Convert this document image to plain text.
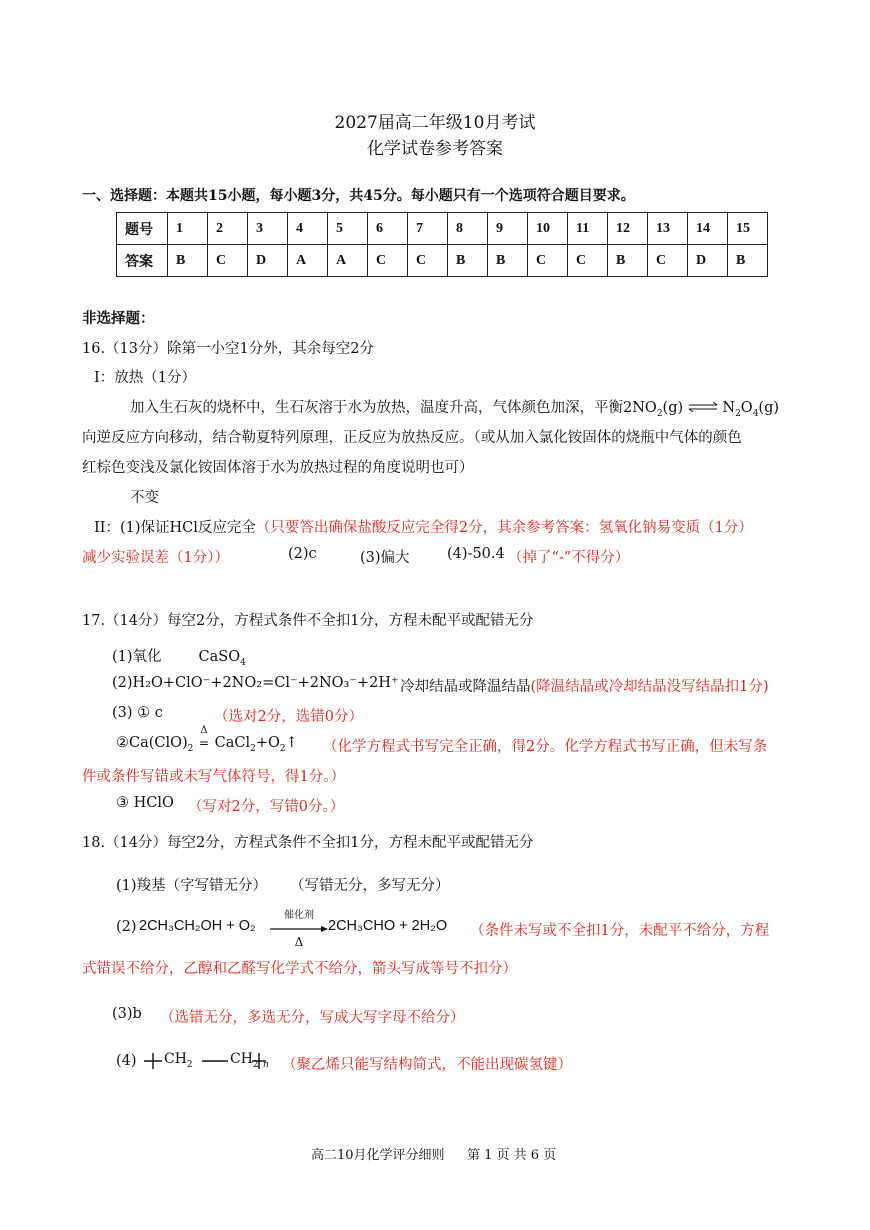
2027届高二年级10月考试
化学试卷参考答案
一、选择题：本题共15小题，每小题3分，共45分。每小题只有一个选项符合题目要求。
题号	1	2	3	4	5	6	7	8	9	10	11	12	13	14	15
答案	B	C	D	A	A	C	C	B	B	C	C	B	C	D	B
非选择题：
16.（13分）除第一小空1分外，其余每空2分
I：放热（1分）
加入生石灰的烧杯中，生石灰溶于水为放热，温度升高，气体颜色加深，平衡$2NO_2(g)$ ⇌ $N_2O_4(g)$
向逆反应方向移动，结合勒夏特列原理，正反应为放热反应。（或从加入氯化铵固体的烧瓶中气体的颜色
红棕色变浅及氯化铵固体溶于水为放热过程的角度说明也可）
不变
II：(1)保证HCl反应完全（只要答出确保盐酸反应完全得2分，其余参考答案：氢氧化钠易变质（1分）
减少实验误差（1分））	(2)c	(3)偏大	(4)-50.4 （掉了“-”不得分）
17.（14分）每空2分，方程式条件不全扣1分，方程未配平或配错无分
(1)氧化	CaSO$_4$
(2)H₂O+ClO⁻+2NO₂=Cl⁻+2NO₃⁻+2H⁺ 冷却结晶或降温结晶(降温结晶或冷却结晶没写结晶扣1分)
(3) ① c	（选对2分，选错0分）
$②Ca(ClO)_2$
Δ
= $CaCl_2+O_2↑$ （化学方程式书写完全正确，得2分。化学方程式书写正确，但未写条
件或条件写错或未写气体符号，得1分。）
③ HClO （写对2分，写错0分。）
18.（14分）每空2分，方程式条件不全扣1分，方程未配平或配错无分
(1)羧基（字写错无分） （写错无分，多写无分）
(2) 2CH₃CH₂OH + O₂
催化剂
Δ
2CH₃CHO + 2H₂O （条件未写或不全扣1分，未配平不给分，方程
式错误不给分，乙醇和乙醛写化学式不给分，箭头写成等号不扣分）
(3)b （选错无分，多选无分，写成大写字母不给分）
(4) $CH_2$	$CH_2$ n （聚乙烯只能写结构简式，不能出现碳氢键）
高二10月化学评分细则 第 1 页 共 6 页
